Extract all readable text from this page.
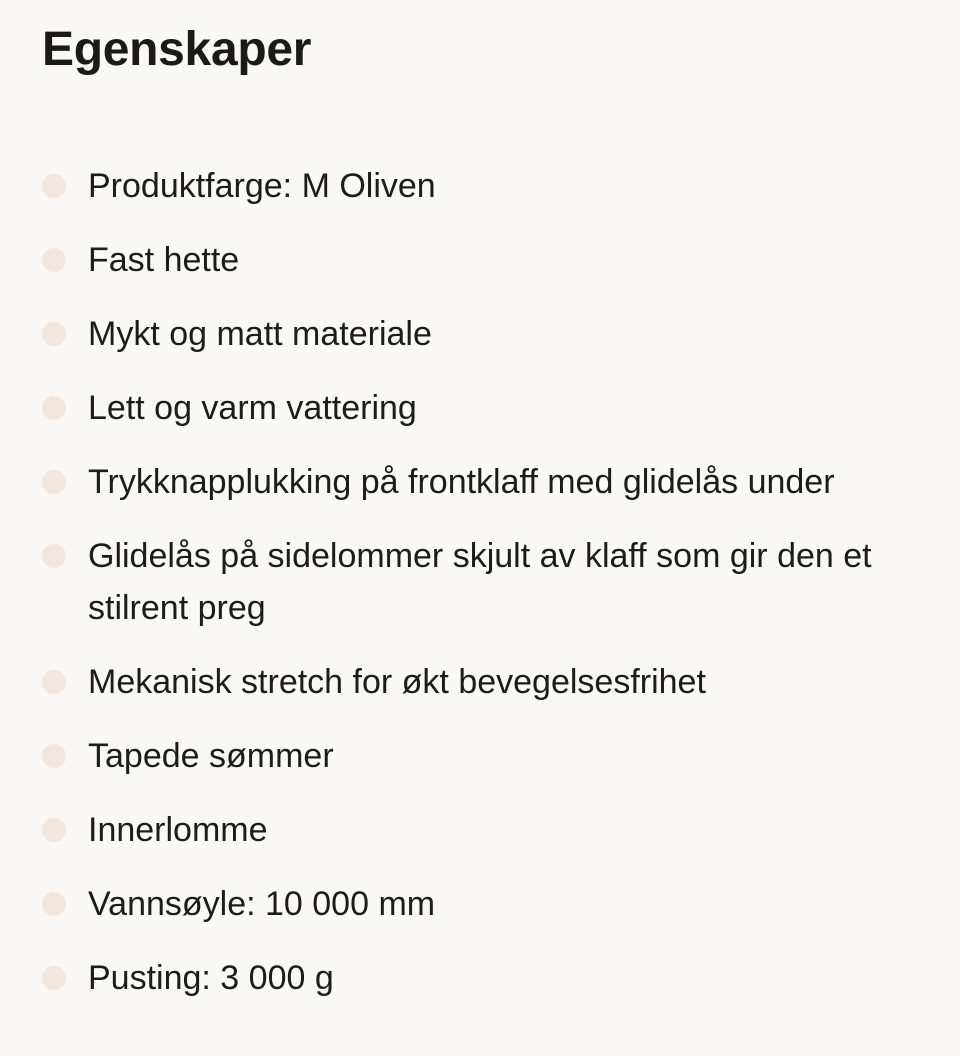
Egenskaper
Produktfarge: M Oliven
Fast hette
Mykt og matt materiale
Lett og varm vattering
Trykknapplukking på frontklaff med glidelås under
Glidelås på sidelommer skjult av klaff som gir den et stilrent preg
Mekanisk stretch for økt bevegelsesfrihet
Tapede sømmer
Innerlomme
Vannsøyle: 10 000 mm
Pusting: 3 000 g
